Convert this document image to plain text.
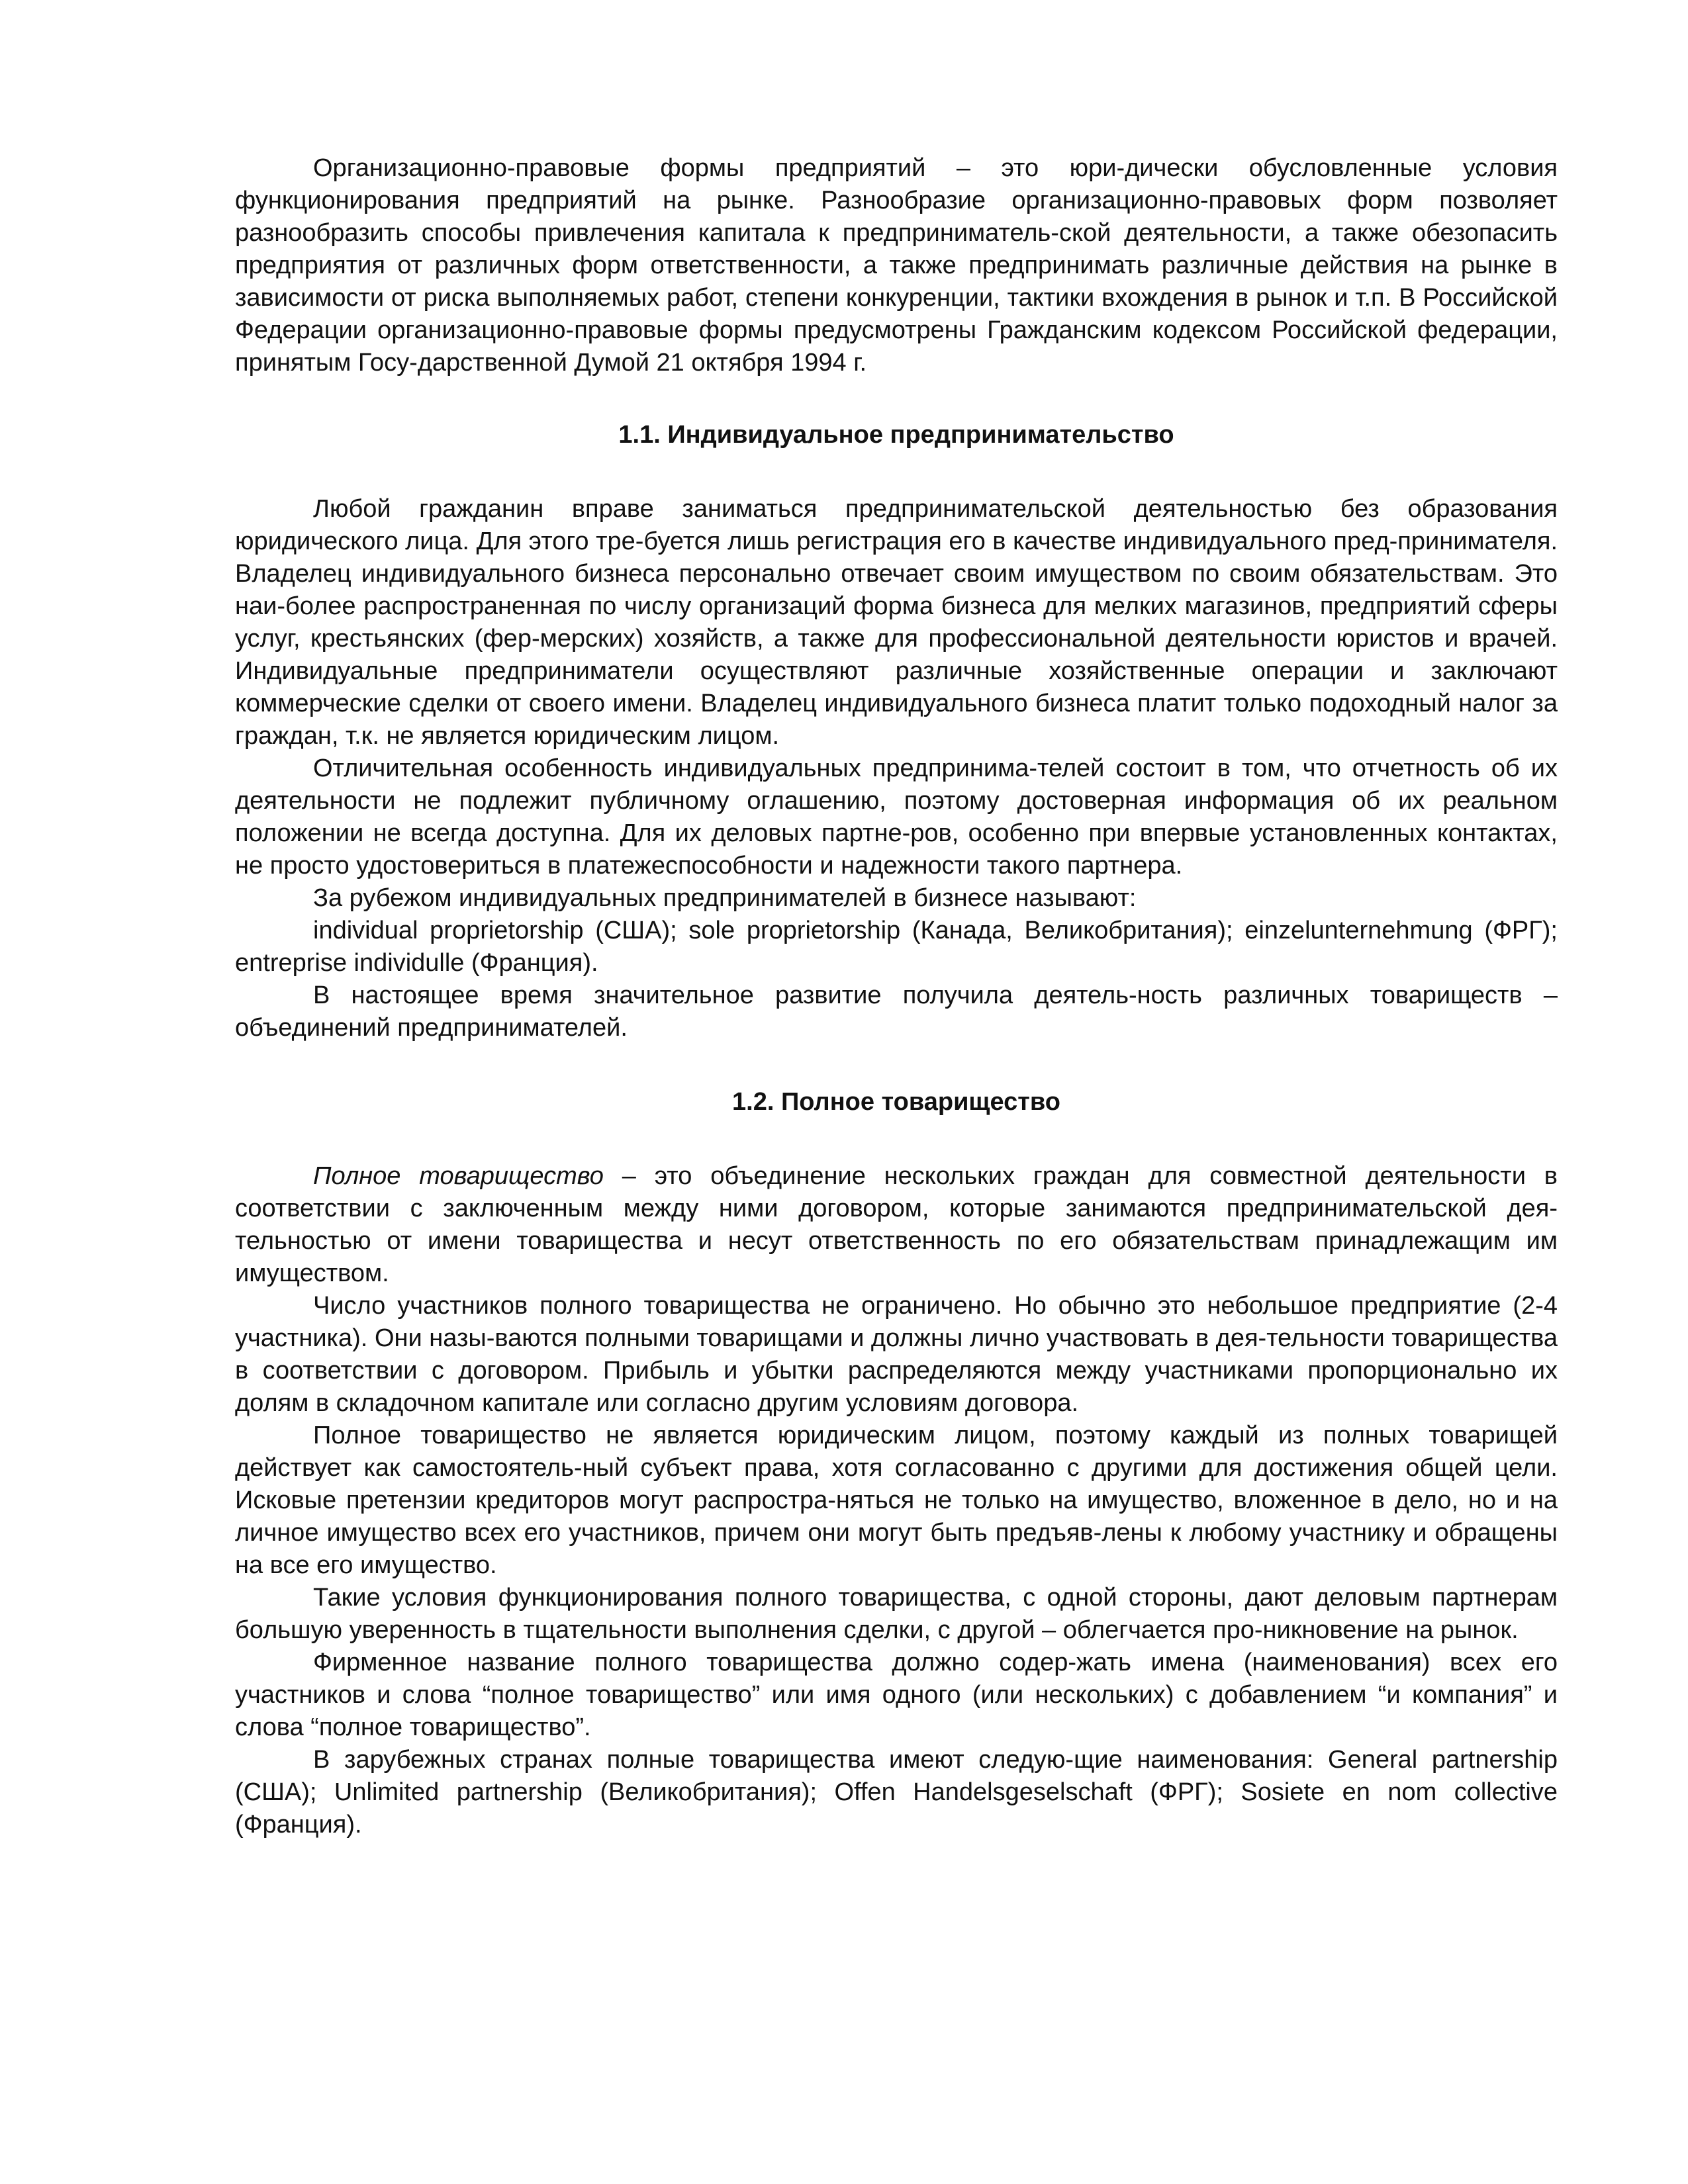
Организационно-правовые формы предприятий – это юри-дически обусловленные условия функционирования предприятий на рынке. Разнообразие организационно-правовых форм позволяет разнообразить способы привлечения капитала к предприниматель-ской деятельности, а также обезопасить предприятия от различных форм ответственности, а также предпринимать различные действия на рынке в зависимости от риска выполняемых работ, степени конкуренции, тактики вхождения в рынок и т.п. В Российской Федерации организационно-правовые формы предусмотрены Гражданским кодексом Российской федерации, принятым Госу-дарственной Думой 21 октября 1994 г.

1.1. Индивидуальное предпринимательство

Любой гражданин вправе заниматься предпринимательской деятельностью без образования юридического лица. Для этого тре-буется лишь регистрация его в качестве индивидуального пред-принимателя. Владелец индивидуального бизнеса персонально отвечает своим имуществом по своим обязательствам. Это наи-более распространенная по числу организаций форма бизнеса для мелких магазинов, предприятий сферы услуг, крестьянских (фер-мерских) хозяйств, а также для профессиональной деятельности юристов и врачей. Индивидуальные предприниматели осуществляют различные хозяйственные операции и заключают коммерческие сделки от своего имени. Владелец индивидуального бизнеса платит только подоходный налог за граждан, т.к. не является юридическим лицом.

Отличительная особенность индивидуальных предпринима-телей состоит в том, что отчетность об их деятельности не подлежит публичному оглашению, поэтому достоверная информация об их реальном положении не всегда доступна. Для их деловых партне-ров, особенно при впервые установленных контактах, не просто удостовериться в платежеспособности и надежности такого партнера.

За рубежом индивидуальных предпринимателей в бизнесе называют:

individual proprietorship (США); sole proprietorship (Канада, Великобритания); einzelunternehmung (ФРГ); entreprise individulle (Франция).

В настоящее время значительное развитие получила деятель-ность различных товариществ – объединений предпринимателей.

1.2. Полное товарищество

Полное товарищество – это объединение нескольких граждан для совместной деятельности в соответствии с заключенным между ними договором, которые занимаются предпринимательской дея-тельностью от имени товарищества и несут ответственность по его обязательствам принадлежащим им имуществом.

Число участников полного товарищества не ограничено. Но обычно это небольшое предприятие (2-4 участника). Они назы-ваются полными товарищами и должны лично участвовать в дея-тельности товарищества в соответствии с договором. Прибыль и убытки распределяются между участниками пропорционально их долям в складочном капитале или согласно другим условиям договора.

Полное товарищество не является юридическим лицом, поэтому каждый из полных товарищей действует как самостоятель-ный субъект права, хотя согласованно с другими для достижения общей цели. Исковые претензии кредиторов могут распростра-няться не только на имущество, вложенное в дело, но и на личное имущество всех его участников, причем они могут быть предъяв-лены к любому участнику и обращены на все его имущество.

Такие условия функционирования полного товарищества, с одной стороны, дают деловым партнерам большую уверенность в тщательности выполнения сделки, с другой – облегчается про-никновение на рынок.

Фирменное название полного товарищества должно содер-жать имена (наименования) всех его участников и слова “полное товарищество” или имя одного (или нескольких) с добавлением “и компания” и слова “полное товарищество”.

В зарубежных странах полные товарищества имеют следую-щие наименования: General partnership (США); Unlimited partnership (Великобритания); Offen Handelsgeselschaft (ФРГ); Sosiete en nom collective (Франция).
